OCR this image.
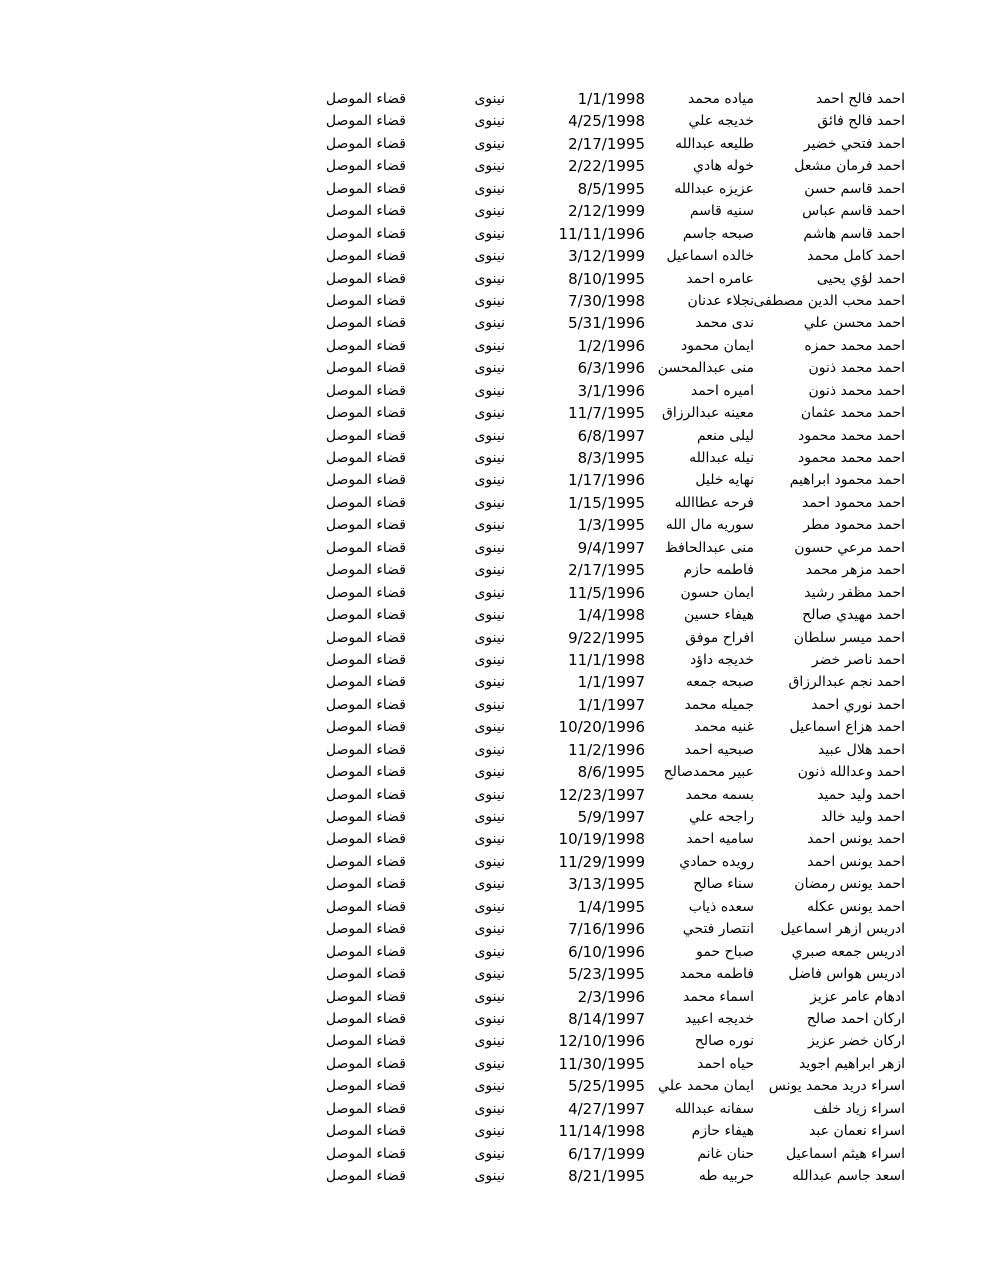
احمد فالح احمد
مياده محمد
1/1/1998
نينوى
قضاء الموصل
احمد فالح فائق
خديجه علي
4/25/1998
نينوى
قضاء الموصل
احمد فتحي خضير
طليعه عبدالله
2/17/1995
نينوى
قضاء الموصل
احمد فرمان مشعل
خوله هادي
2/22/1995
نينوى
قضاء الموصل
احمد قاسم حسن
عزيزه عبدالله
8/5/1995
نينوى
قضاء الموصل
احمد قاسم عباس
سنيه قاسم
2/12/1999
نينوى
قضاء الموصل
احمد قاسم هاشم
صبحه جاسم
11/11/1996
نينوى
قضاء الموصل
احمد كامل محمد
خالده اسماعيل
3/12/1999
نينوى
قضاء الموصل
احمد لؤي يحيى
عامره احمد
8/10/1995
نينوى
قضاء الموصل
احمد محب الدين مصطفى
نجلاء عدنان
7/30/1998
نينوى
قضاء الموصل
احمد محسن علي
ندى محمد
5/31/1996
نينوى
قضاء الموصل
احمد محمد حمزه
ايمان محمود
1/2/1996
نينوى
قضاء الموصل
احمد محمد ذنون
منى عبدالمحسن
6/3/1996
نينوى
قضاء الموصل
احمد محمد ذنون
اميره احمد
3/1/1996
نينوى
قضاء الموصل
احمد محمد عثمان
معينه عبدالرزاق
11/7/1995
نينوى
قضاء الموصل
احمد محمد محمود
ليلى منعم
6/8/1997
نينوى
قضاء الموصل
احمد محمد محمود
نيله عبدالله
8/3/1995
نينوى
قضاء الموصل
احمد محمود ابراهيم
نهايه خليل
1/17/1996
نينوى
قضاء الموصل
احمد محمود احمد
فرحه عطاالله
1/15/1995
نينوى
قضاء الموصل
احمد محمود مطر
سوريه مال الله
1/3/1995
نينوى
قضاء الموصل
احمد مرعي حسون
منى عبدالحافظ
9/4/1997
نينوى
قضاء الموصل
احمد مزهر محمد
فاطمه حازم
2/17/1995
نينوى
قضاء الموصل
احمد مظفر رشيد
ايمان حسون
11/5/1996
نينوى
قضاء الموصل
احمد مهيدي صالح
هيفاء حسين
1/4/1998
نينوى
قضاء الموصل
احمد ميسر سلطان
افراح موفق
9/22/1995
نينوى
قضاء الموصل
احمد ناصر خضر
خديجه داؤد
11/1/1998
نينوى
قضاء الموصل
احمد نجم عبدالرزاق
صبحه جمعه
1/1/1997
نينوى
قضاء الموصل
احمد نوري احمد
جميله محمد
1/1/1997
نينوى
قضاء الموصل
احمد هزاع اسماعيل
غنيه محمد
10/20/1996
نينوى
قضاء الموصل
احمد هلال عبيد
صبحيه احمد
11/2/1996
نينوى
قضاء الموصل
احمد وعدالله ذنون
عبير محمدصالح
8/6/1995
نينوى
قضاء الموصل
احمد وليد حميد
بسمه محمد
12/23/1997
نينوى
قضاء الموصل
احمد وليد خالد
راجحه علي
5/9/1997
نينوى
قضاء الموصل
احمد يونس احمد
ساميه احمد
10/19/1998
نينوى
قضاء الموصل
احمد يونس احمد
رويده حمادي
11/29/1999
نينوى
قضاء الموصل
احمد يونس رمضان
سناء صالح
3/13/1995
نينوى
قضاء الموصل
احمد يونس عكله
سعده ذياب
1/4/1995
نينوى
قضاء الموصل
ادريس ازهر اسماعيل
انتصار فتحي
7/16/1996
نينوى
قضاء الموصل
ادريس جمعه صبري
صباح حمو
6/10/1996
نينوى
قضاء الموصل
ادريس هواس فاضل
فاطمه محمد
5/23/1995
نينوى
قضاء الموصل
ادهام عامر عزيز
اسماء محمد
2/3/1996
نينوى
قضاء الموصل
اركان احمد صالح
خديجه اعبيد
8/14/1997
نينوى
قضاء الموصل
اركان خضر عزيز
نوره صالح
12/10/1996
نينوى
قضاء الموصل
ازهر ابراهيم اجويد
حياه احمد
11/30/1995
نينوى
قضاء الموصل
اسراء دريد محمد يونس
ايمان محمد علي
5/25/1995
نينوى
قضاء الموصل
اسراء زياد خلف
سفانه عبدالله
4/27/1997
نينوى
قضاء الموصل
اسراء نعمان عبد
هيفاء حازم
11/14/1998
نينوى
قضاء الموصل
اسراء هيثم اسماعيل
حنان غانم
6/17/1999
نينوى
قضاء الموصل
اسعد جاسم عبدالله
حربيه طه
8/21/1995
نينوى
قضاء الموصل
